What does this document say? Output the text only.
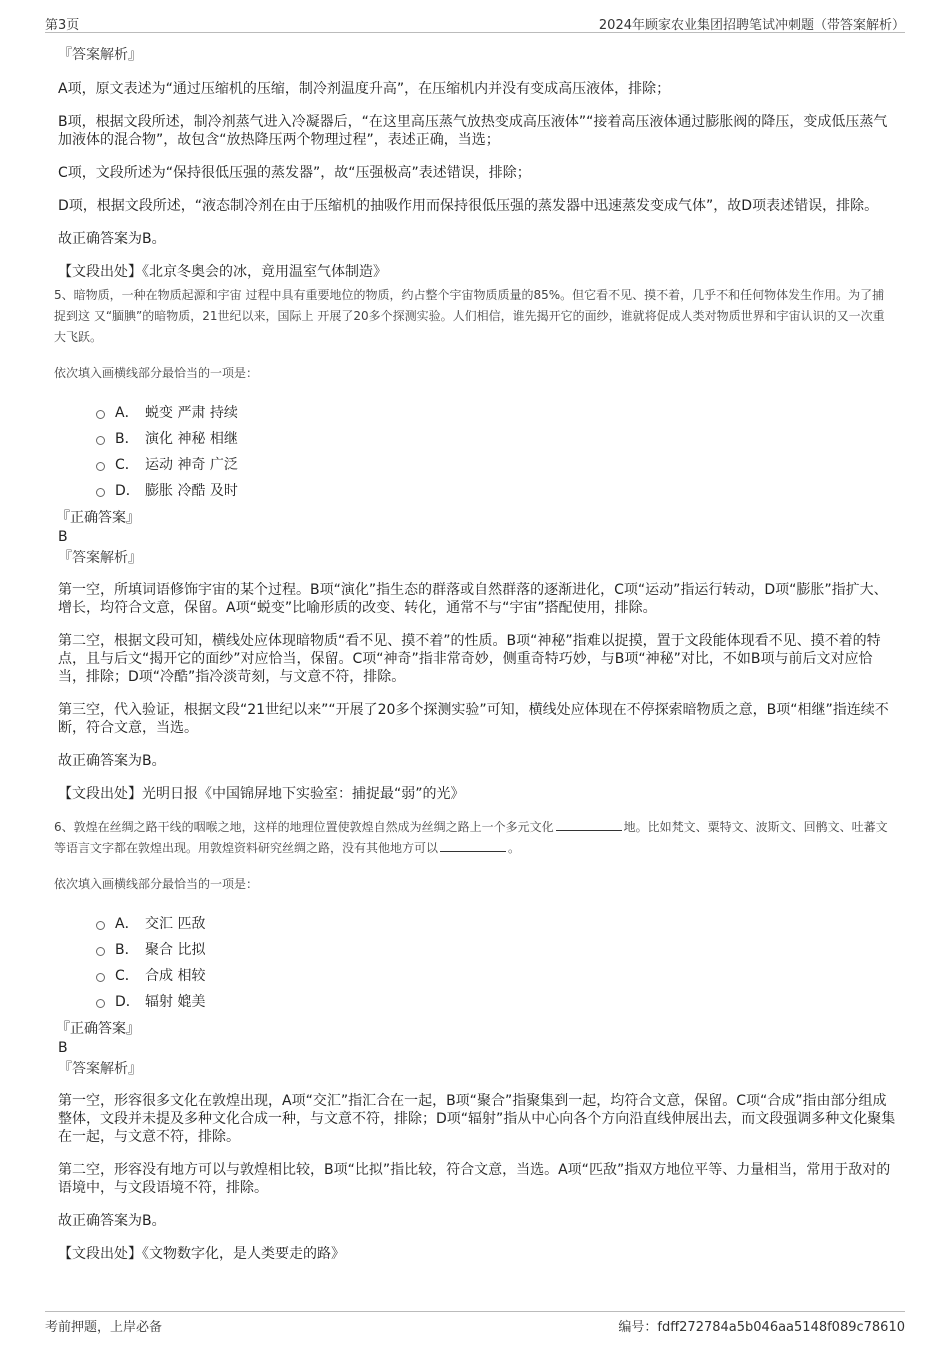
第3页	2024年顾家农业集团招聘笔试冲刺题（带答案解析）
『答案解析』
A项，原文表述为“通过压缩机的压缩，制冷剂温度升高”，在压缩机内并没有变成高压液体，排除；
B项，根据文段所述，制冷剂蒸气进入冷凝器后，“在这里高压蒸气放热变成高压液体”“接着高压液体通过膨胀阀的降压，变成低压蒸气加液体的混合物”，故包含“放热降压两个物理过程”，表述正确，当选；
C项，文段所述为“保持很低压强的蒸发器”，故“压强极高”表述错误，排除；
D项，根据文段所述，“液态制冷剂在由于压缩机的抽吸作用而保持很低压强的蒸发器中迅速蒸发变成气体”，故D项表述错误，排除。
故正确答案为B。
【文段出处】《北京冬奥会的冰，竟用温室气体制造》
5、暗物质，一种在物质起源和宇宙 过程中具有重要地位的物质，约占整个宇宙物质质量的85%。但它看不见、摸不着，几乎不和任何物体发生作用。为了捕捉到这 又“腼腆”的暗物质，21世纪以来，国际上 开展了20多个探测实验。人们相信，谁先揭开它的面纱，谁就将促成人类对物质世界和宇宙认识的又一次重大飞跃。
依次填入画横线部分最恰当的一项是：
A． 蜕变 严肃 持续
B． 演化 神秘 相继
C． 运动 神奇 广泛
D． 膨胀 冷酷 及时
『正确答案』
B
『答案解析』
第一空，所填词语修饰宇宙的某个过程。B项“演化”指生态的群落或自然群落的逐渐进化，C项“运动”指运行转动，D项“膨胀”指扩大、增长，均符合文意，保留。A项“蜕变”比喻形质的改变、转化，通常不与“宇宙”搭配使用，排除。
第二空，根据文段可知，横线处应体现暗物质“看不见、摸不着”的性质。B项“神秘”指难以捉摸，置于文段能体现看不见、摸不着的特点，且与后文“揭开它的面纱”对应恰当，保留。C项“神奇”指非常奇妙，侧重奇特巧妙，与B项“神秘”对比，不如B项与前后文对应恰当，排除；D项“冷酷”指冷淡苛刻，与文意不符，排除。
第三空，代入验证，根据文段“21世纪以来”“开展了20多个探测实验”可知，横线处应体现在不停探索暗物质之意，B项“相继”指连续不断，符合文意，当选。
故正确答案为B。
【文段出处】光明日报《中国锦屏地下实验室：捕捉最“弱”的光》
6、敦煌在丝绸之路干线的咽喉之地，这样的地理位置使敦煌自然成为丝绸之路上一个多元文化	地。比如梵文、粟特文、波斯文、回鹘文、吐蕃文等语言文字都在敦煌出现。用敦煌资料研究丝绸之路，没有其他地方可以	。
依次填入画横线部分最恰当的一项是：
A． 交汇 匹敌
B． 聚合 比拟
C． 合成 相较
D． 辐射 媲美
『正确答案』
B
『答案解析』
第一空，形容很多文化在敦煌出现，A项“交汇”指汇合在一起，B项“聚合”指聚集到一起，均符合文意，保留。C项“合成”指由部分组成整体，文段并未提及多种文化合成一种，与文意不符，排除；D项“辐射”指从中心向各个方向沿直线伸展出去，而文段强调多种文化聚集在一起，与文意不符，排除。
第二空，形容没有地方可以与敦煌相比较，B项“比拟”指比较，符合文意，当选。A项“匹敌”指双方地位平等、力量相当，常用于敌对的语境中，与文段语境不符，排除。
故正确答案为B。
【文段出处】《文物数字化，是人类要走的路》
考前押题，上岸必备	编号：fdff272784a5b046aa5148f089c78610
